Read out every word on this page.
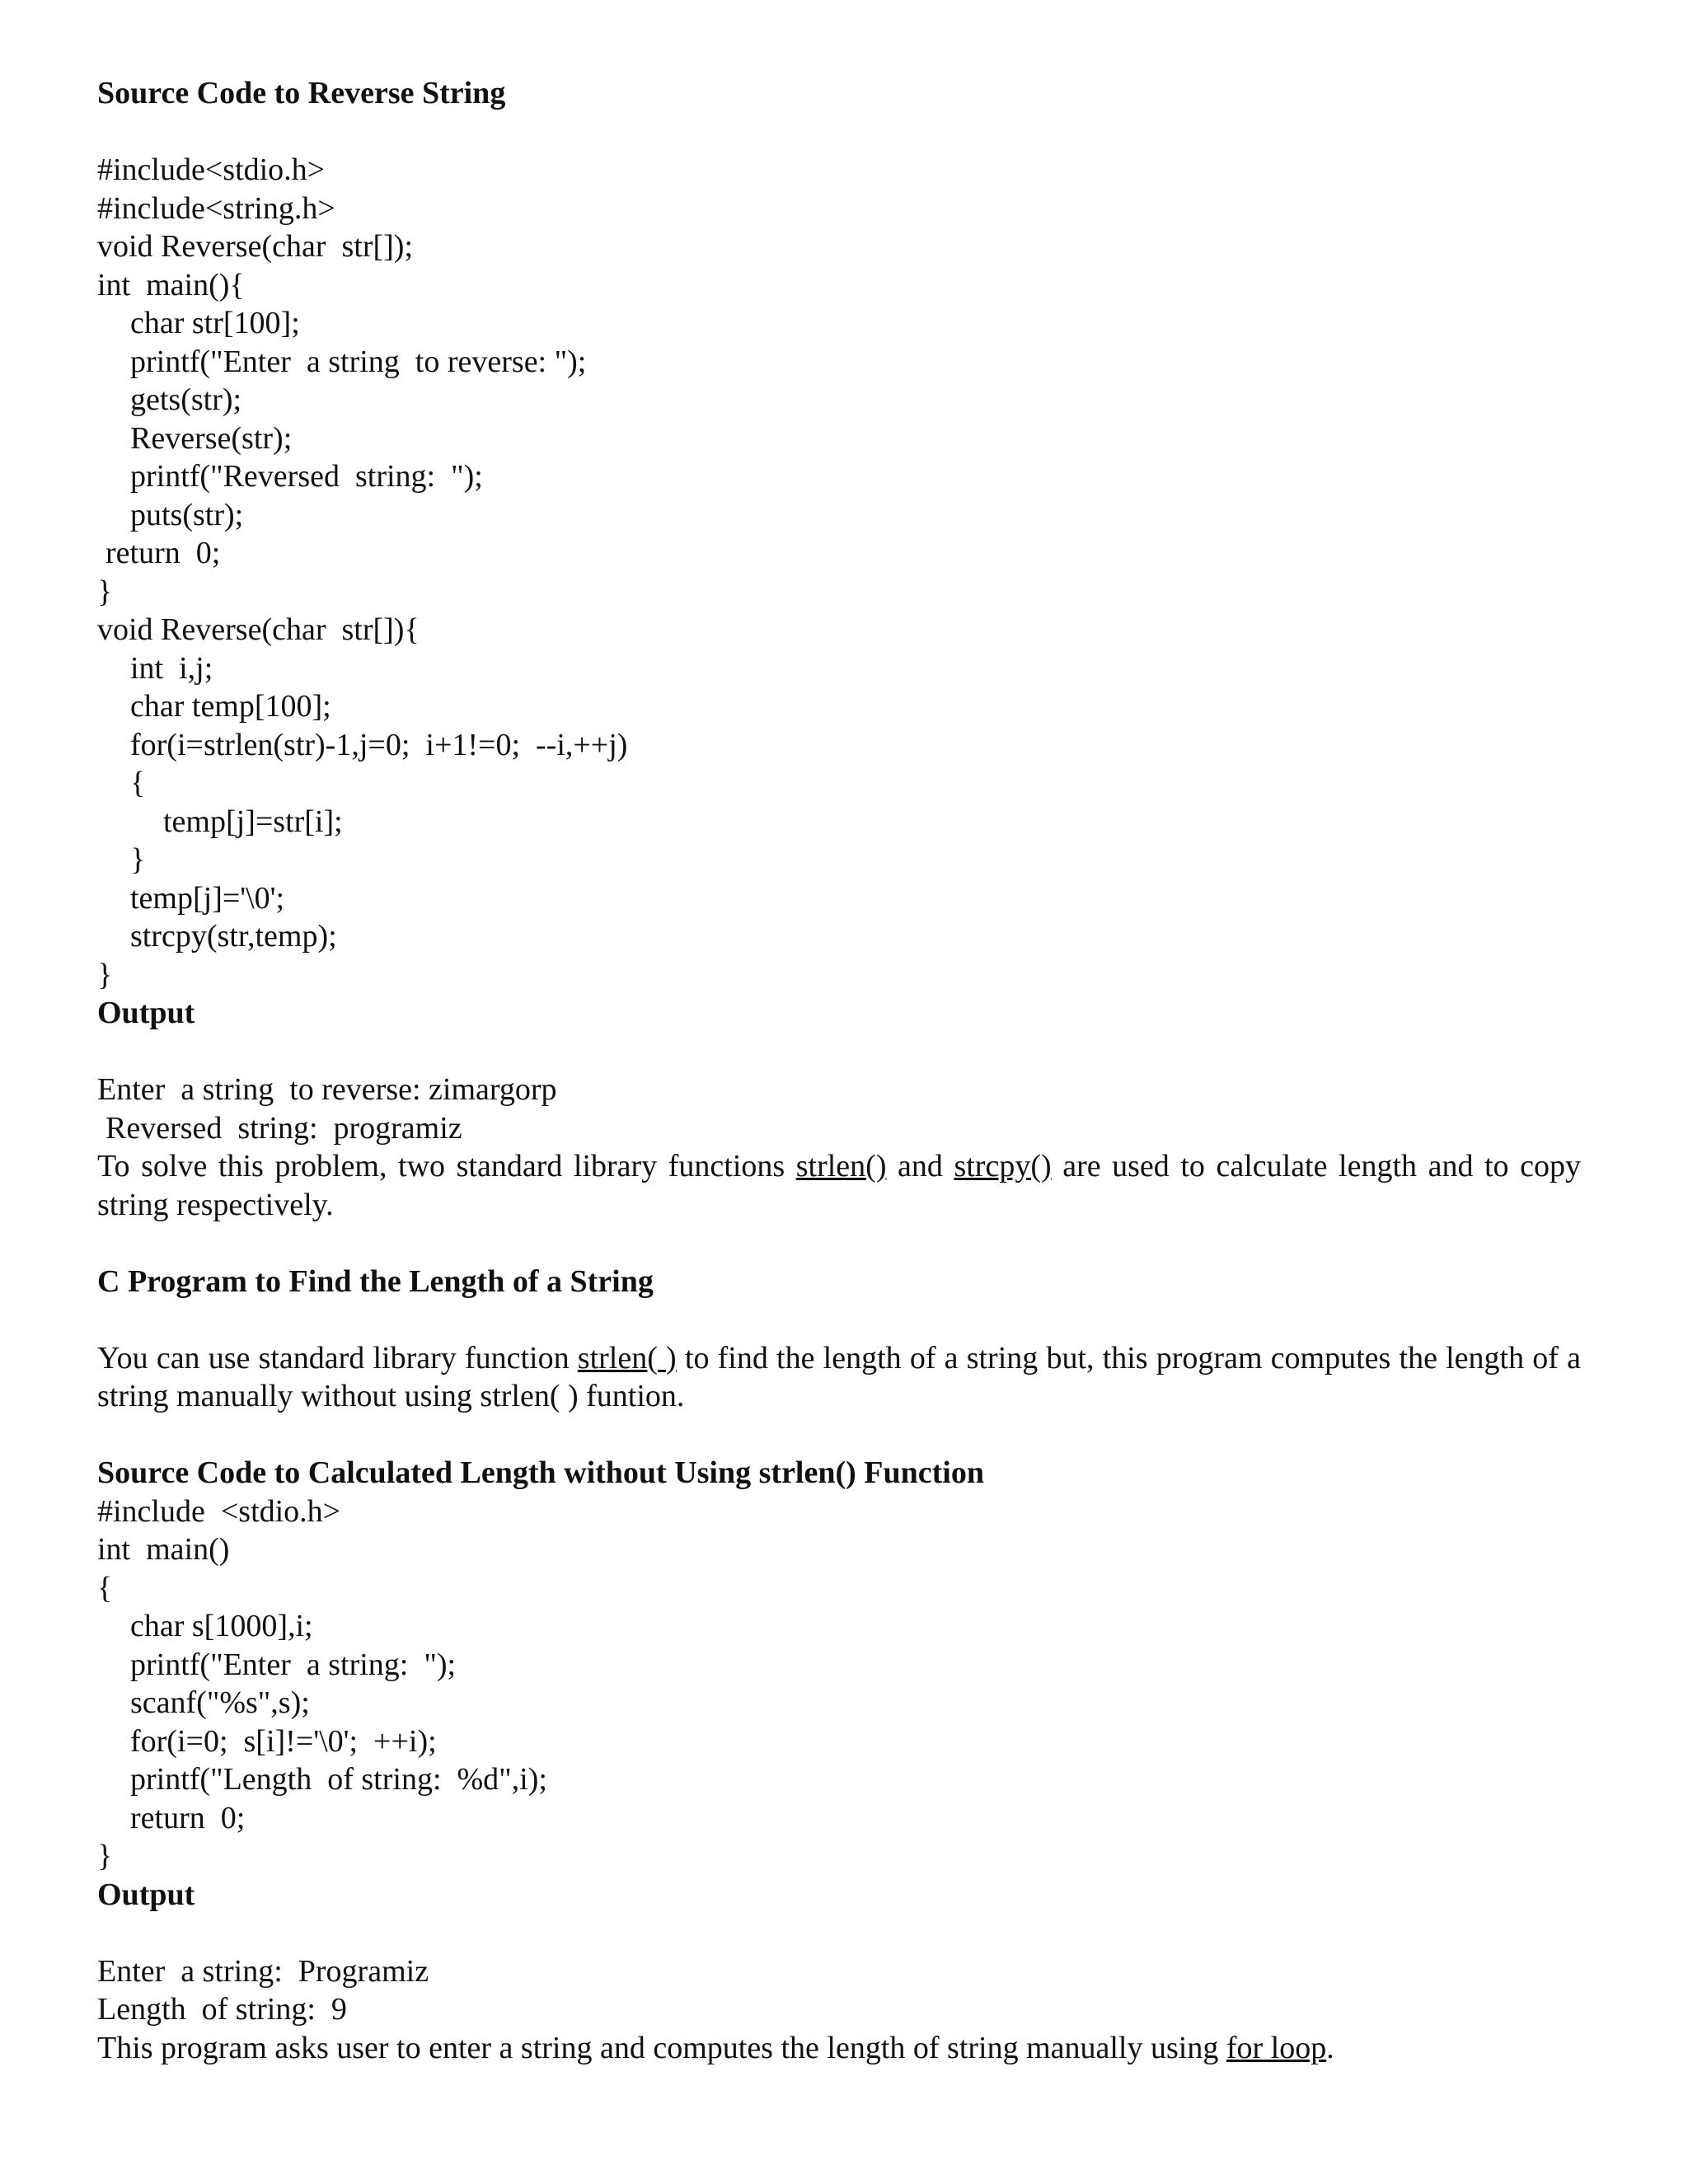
Source Code to Reverse String
#include<stdio.h>
#include<string.h>
void Reverse(char  str[]);
int  main(){
char str[100];
printf("Enter  a string  to reverse: ");
gets(str);
Reverse(str);
printf("Reversed  string:  ");
puts(str);
return  0;
}
void Reverse(char  str[]){
int  i,j;
char temp[100];
for(i=strlen(str)-1,j=0;  i+1!=0;  --i,++j)
{
temp[j]=str[i];
}
temp[j]='\0';
strcpy(str,temp);
}
Output
Enter  a string  to reverse: zimargorp
Reversed  string:  programiz
To solve this problem, two standard library functions strlen() and strcpy() are used to calculate length and to copy string respectively.
C Program to Find the Length of a String
You can use standard library function strlen( ) to find the length of a string but, this program computes the length of a string manually without using strlen( ) funtion.
Source Code to Calculated Length without Using strlen() Function
#include  <stdio.h>
int  main()
{
char s[1000],i;
printf("Enter  a string:  ");
scanf("%s",s);
for(i=0;  s[i]!='\0';  ++i);
printf("Length  of string:  %d",i);
return  0;
}
Output
Enter  a string:  Programiz
Length  of string:  9
This program asks user to enter a string and computes the length of string manually using for loop.
